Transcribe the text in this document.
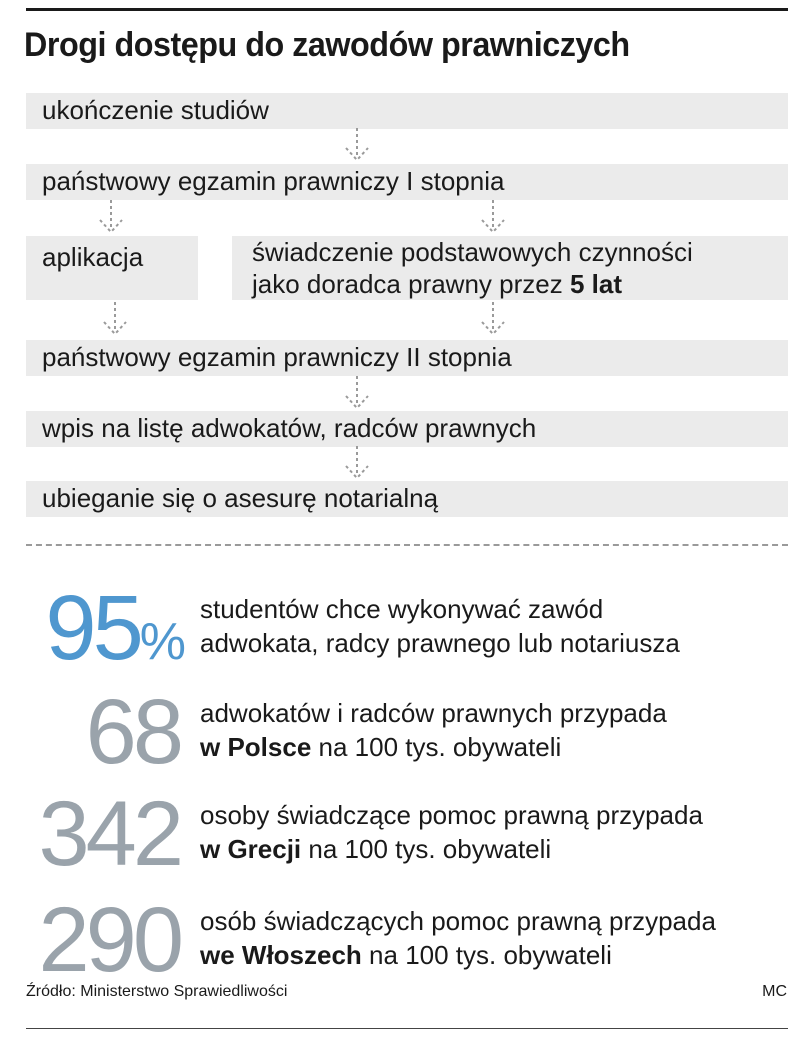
Drogi dostępu do zawodów prawniczych
ukończenie studiów
państwowy egzamin prawniczy I stopnia
aplikacja	świadczenie podstawowych czynności
jako doradca prawny przez 5 lat
państwowy egzamin prawniczy II stopnia
wpis na listę adwokatów, radców prawnych
ubieganie się o asesurę notarialną
95%
studentów chce wykonywać zawód
adwokata, radcy prawnego lub notariusza
68 adwokatów i radców prawnych przypada
w Polsce na 100 tys. obywateli
342 osoby świadczące pomoc prawną przypada
w Grecji na 100 tys. obywateli
290 osób świadczących pomoc prawną przypada
we Włoszech na 100 tys. obywateli
Źródło: Ministerstwo Sprawiedliwości	MC
